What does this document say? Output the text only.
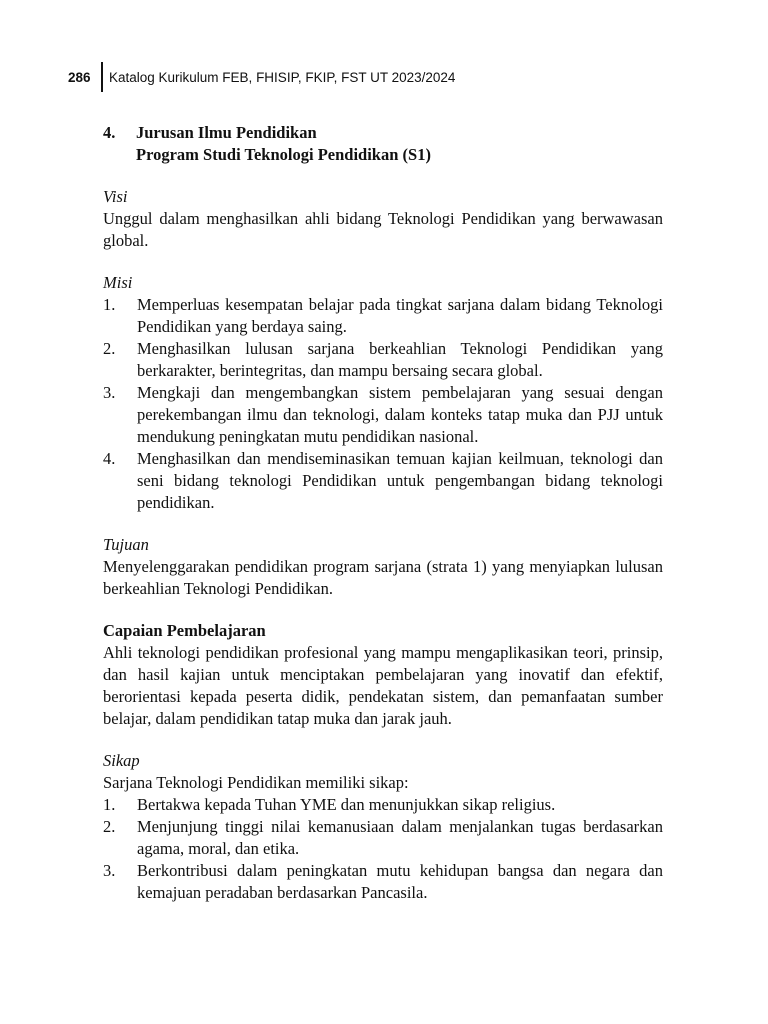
286	Katalog Kurikulum FEB, FHISIP, FKIP, FST UT 2023/2024
4.	Jurusan Ilmu Pendidikan
Program Studi Teknologi Pendidikan (S1)
Visi
Unggul dalam menghasilkan ahli bidang Teknologi Pendidikan yang berwawasan global.
Misi
1.	Memperluas kesempatan belajar pada tingkat sarjana dalam bidang Teknologi Pendidikan yang berdaya saing.
2.	Menghasilkan lulusan sarjana berkeahlian Teknologi Pendidikan yang berkarakter, berintegritas, dan mampu bersaing secara global.
3.	Mengkaji dan mengembangkan sistem pembelajaran yang sesuai dengan perekembangan ilmu dan teknologi, dalam konteks tatap muka dan PJJ untuk mendukung peningkatan mutu pendidikan nasional.
4.	Menghasilkan dan mendiseminasikan temuan kajian keilmuan, teknologi dan seni bidang teknologi Pendidikan untuk pengembangan bidang teknologi pendidikan.
Tujuan
Menyelenggarakan pendidikan program sarjana (strata 1) yang menyiapkan lulusan berkeahlian Teknologi Pendidikan.
Capaian Pembelajaran
Ahli teknologi pendidikan profesional yang mampu mengaplikasikan teori, prinsip, dan hasil kajian untuk menciptakan pembelajaran yang inovatif dan efektif, berorientasi kepada peserta didik, pendekatan sistem, dan pemanfaatan sumber belajar, dalam pendidikan tatap muka dan jarak jauh.
Sikap
Sarjana Teknologi Pendidikan memiliki sikap:
1.	Bertakwa kepada Tuhan YME dan menunjukkan sikap religius.
2.	Menjunjung tinggi nilai kemanusiaan dalam menjalankan tugas berdasarkan agama, moral, dan etika.
3.	Berkontribusi dalam peningkatan mutu kehidupan bangsa dan negara dan kemajuan peradaban berdasarkan Pancasila.
